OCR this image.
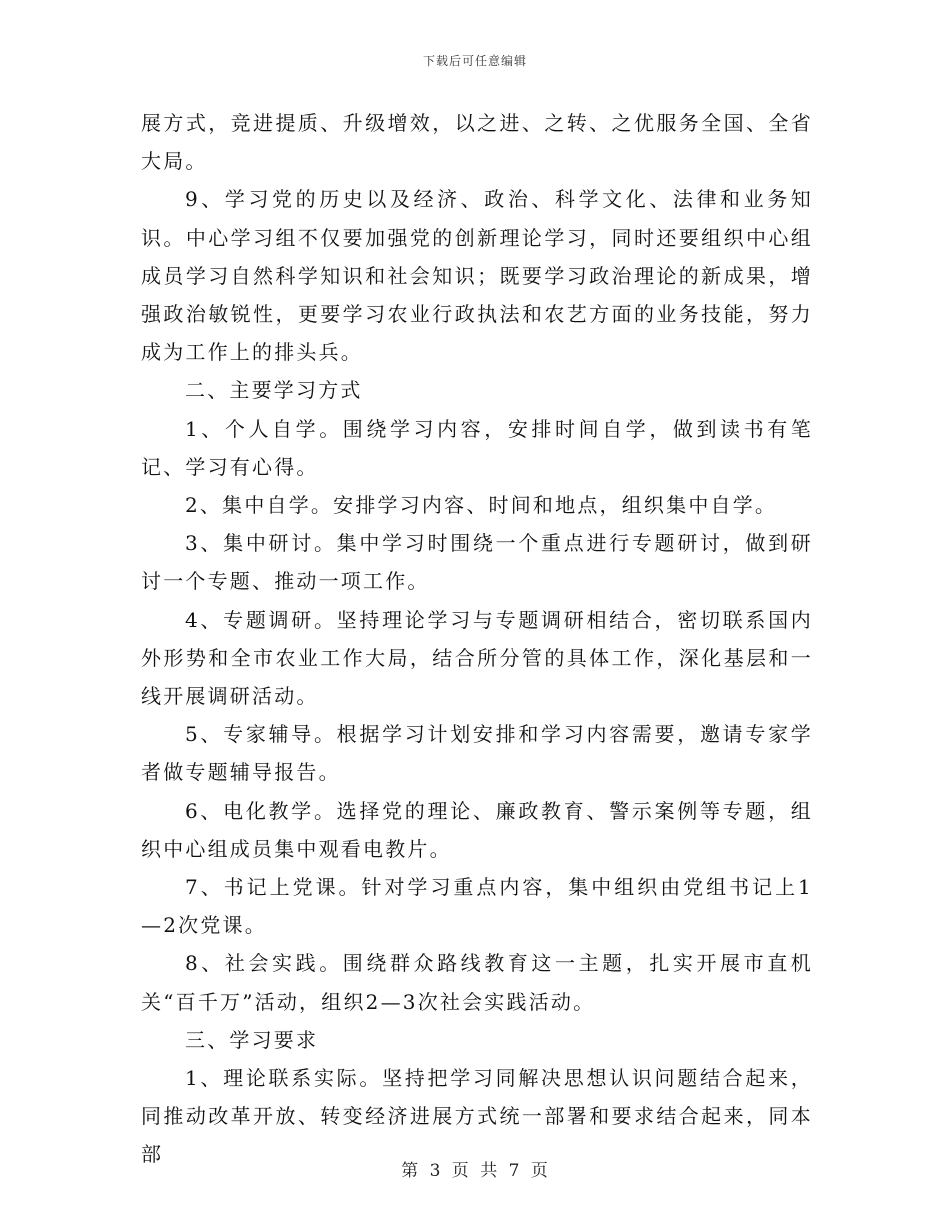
下载后可任意编辑

展方式，竞进提质、升级增效，以之进、之转、之优服务全国、全省大局。

9、学习党的历史以及经济、政治、科学文化、法律和业务知识。中心学习组不仅要加强党的创新理论学习，同时还要组织中心组成员学习自然科学知识和社会知识；既要学习政治理论的新成果，增强政治敏锐性，更要学习农业行政执法和农艺方面的业务技能，努力成为工作上的排头兵。

二、主要学习方式

1、个人自学。围绕学习内容，安排时间自学，做到读书有笔记、学习有心得。

2、集中自学。安排学习内容、时间和地点，组织集中自学。

3、集中研讨。集中学习时围绕一个重点进行专题研讨，做到研讨一个专题、推动一项工作。

4、专题调研。坚持理论学习与专题调研相结合，密切联系国内外形势和全市农业工作大局，结合所分管的具体工作，深化基层和一线开展调研活动。

5、专家辅导。根据学习计划安排和学习内容需要，邀请专家学者做专题辅导报告。

6、电化教学。选择党的理论、廉政教育、警示案例等专题，组织中心组成员集中观看电教片。

7、书记上党课。针对学习重点内容，集中组织由党组书记上1—2次党课。

8、社会实践。围绕群众路线教育这一主题，扎实开展市直机关“百千万”活动，组织2—3次社会实践活动。

三、学习要求

1、理论联系实际。坚持把学习同解决思想认识问题结合起来，同推动改革开放、转变经济进展方式统一部署和要求结合起来，同本部

第 3 页 共 7 页
